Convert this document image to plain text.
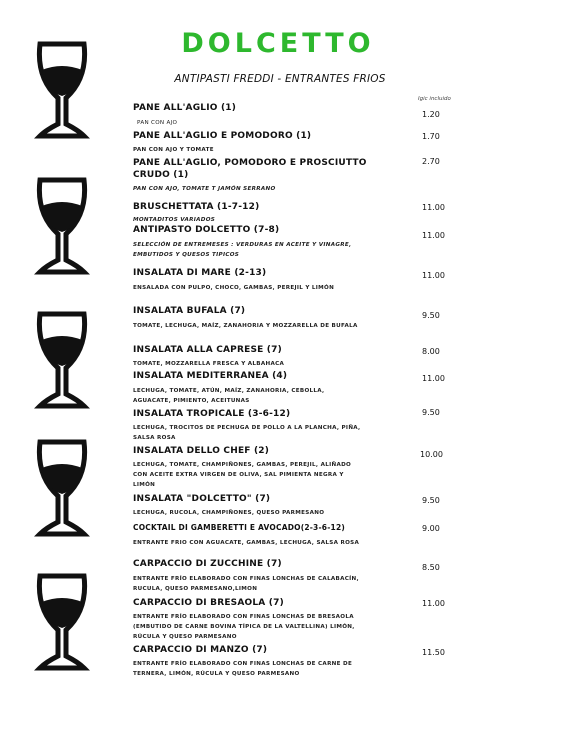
DOLCETTO
ANTIPASTI FREDDI - ENTRANTES FRIOS
Igic incluido
PANE ALL'AGLIO (1)
1.20
PAN CON AJO
PANE ALL'AGLIO E POMODORO (1)	1.70
PAN CON AJO Y TOMATE
PANE ALL'AGLIO, POMODORO E PROSCIUTTO CRUDO (1)
2.70
PAN CON AJO, TOMATE T JAMÓN SERRANO
BRUSCHETTATA (1-7-12)	11.00
MONTADITOS VARIADOS
ANTIPASTO DOLCETTO (7-8)
11.00
SELECCIÓN DE ENTREMESES : VERDURAS EN ACEITE Y VINAGRE, EMBUTIDOS Y QUESOS TIPICOS
INSALATA DI MARE (2-13)	11.00
ENSALADA CON PULPO, CHOCO, GAMBAS, PEREJIL Y LIMÓN
INSALATA BUFALA (7)	9.50
TOMATE, LECHUGA, MAÍZ, ZANAHORIA Y MOZZARELLA DE BUFALA
INSALATA ALLA CAPRESE (7)	8.00
TOMATE, MOZZARELLA FRESCA Y ALBAHACA
INSALATA MEDITERRANEA (4)	11.00
LECHUGA, TOMATE, ATÚN, MAÍZ, ZANAHORIA, CEBOLLA, AGUACATE, PIMIENTO, ACEITUNAS
INSALATA TROPICALE (3-6-12)	9.50
LECHUGA, TROCITOS DE PECHUGA DE POLLO A LA PLANCHA, PIÑA, SALSA ROSA
INSALATA DELLO CHEF (2)	10.00
LECHUGA, TOMATE, CHAMPIÑONES, GAMBAS, PEREJIL, ALIÑADO CON ACEITE EXTRA VIRGEN DE OLIVA, SAL PIMIENTA NEGRA Y LIMÓN
INSALATA "DOLCETTO" (7)	9.50
LECHUGA, RUCOLA, CHAMPIÑONES, QUESO PARMESANO
COCKTAIL DI GAMBERETTI E AVOCADO(2-3-6-12)	9.00
ENTRANTE FRIO CON AGUACATE, GAMBAS, LECHUGA, SALSA ROSA
CARPACCIO DI ZUCCHINE (7)	8.50
ENTRANTE FRÍO ELABORADO CON FINAS LONCHAS DE CALABACÍN, RUCULA, QUESO PARMESANO,LIMON
CARPACCIO DI BRESAOLA (7)	11.00
ENTRANTE FRÍO ELABORADO CON FINAS LONCHAS DE BRESAOLA (EMBUTIDO DE CARNE BOVINA TÍPICA DE LA VALTELLINA) LIMÓN, RÚCULA Y QUESO PARMESANO
CARPACCIO DI MANZO (7)	11.50
ENTRANTE FRÍO ELABORADO CON FINAS LONCHAS DE CARNE DE TERNERA, LIMÓN, RÚCULA Y QUESO PARMESANO
